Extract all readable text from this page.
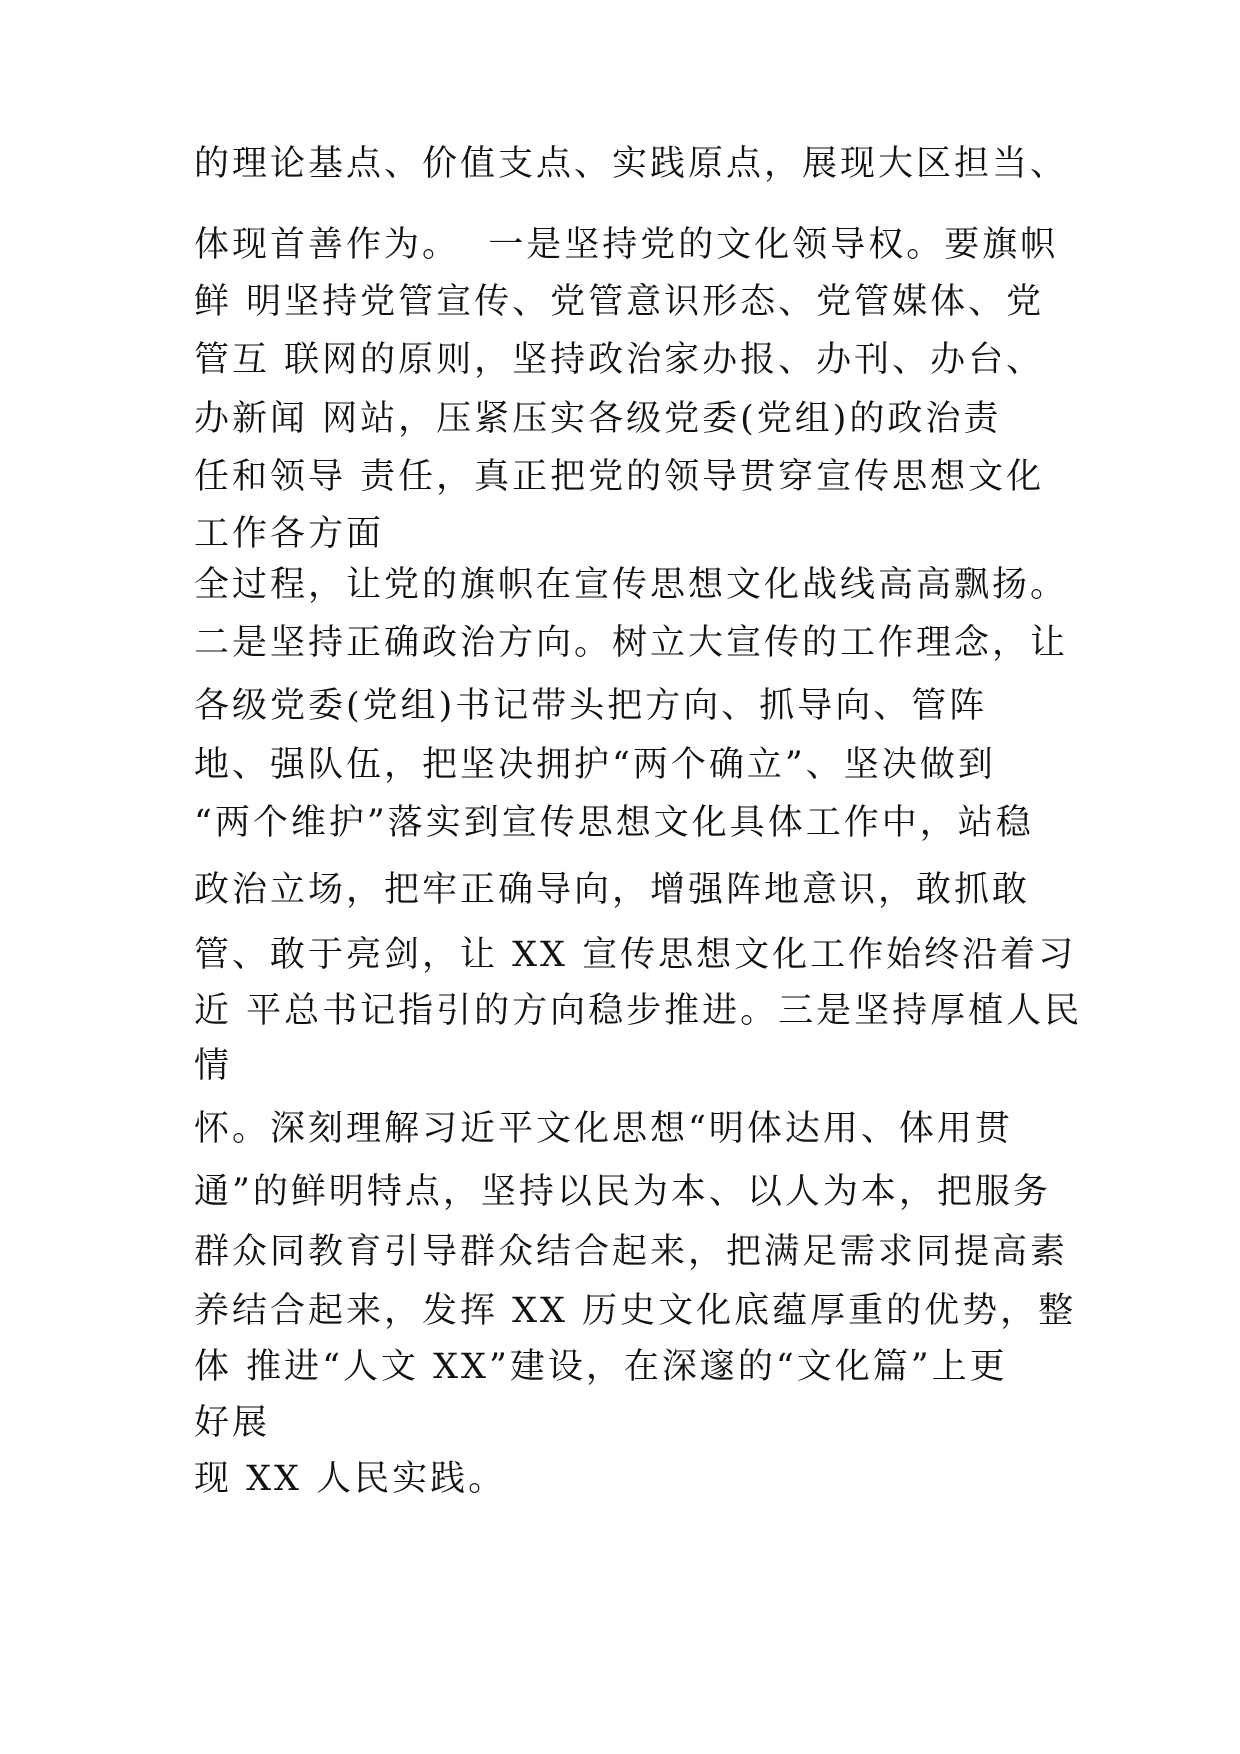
的理论基点、价值支点、实践原点，展现大区担当、

体现首善作为。  一是坚持党的文化领导权。要旗帜

鲜 明坚持党管宣传、党管意识形态、党管媒体、党

管互 联网的原则，坚持政治家办报、办刊、办台、

办新闻 网站，压紧压实各级党委(党组)的政治责

任和领导 责任，真正把党的领导贯穿宣传思想文化

工作各方面

全过程，让党的旗帜在宣传思想文化战线高高飘扬。

二是坚持正确政治方向。树立大宣传的工作理念，让

各级党委(党组)书记带头把方向、抓导向、管阵

地、强队伍，把坚决拥护“两个确立”、坚决做到

“两个维护”落实到宣传思想文化具体工作中，站稳

政治立场，把牢正确导向，增强阵地意识，敢抓敢

管、敢于亮剑，让 XX 宣传思想文化工作始终沿着习

近 平总书记指引的方向稳步推进。三是坚持厚植人民

情

怀。深刻理解习近平文化思想“明体达用、体用贯

通”的鲜明特点，坚持以民为本、以人为本，把服务

群众同教育引导群众结合起来，把满足需求同提高素

养结合起来，发挥 XX 历史文化底蕴厚重的优势，整

体 推进“人文 XX”建设，在深邃的“文化篇”上更

好展

现 XX 人民实践。
